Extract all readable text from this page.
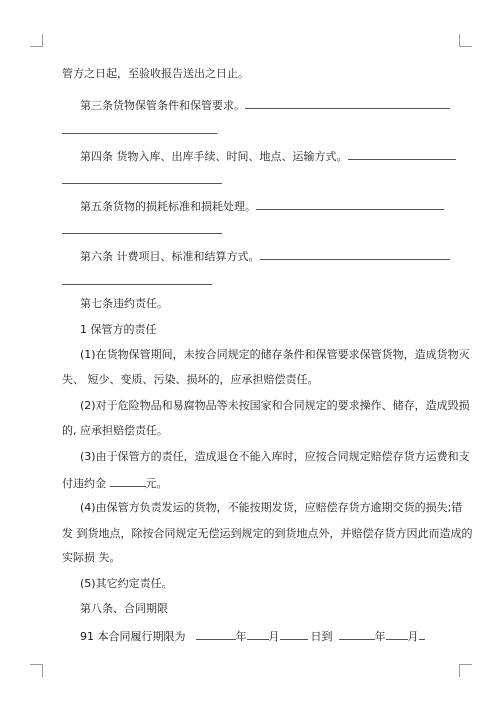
管方之日起，至验收报告送出之日止。
第三条货物保管条件和保管要求。
第四条 货物入库、出库手续、时间、地点、运输方式。
第五条货物的损耗标准和损耗处理。
第六条 计费项目、标准和结算方式。
第七条违约责任。
1 保管方的责任
(1)在货物保管期间，未按合同规定的储存条件和保管要求保管货物，造成货物灭
失、 短少、变质、污染、损坏的，应承担赔偿责任。
(2)对于危险物品和易腐物品等未按国家和合同规定的要求操作、储存，造成毁损
的, 应承担赔偿责任。
(3)由于保管方的责任，造成退仓不能入库时，应按合同规定赔偿存货方运费和支
付违约金	元。
(4)由保管方负责发运的货物，不能按期发货，应赔偿存货方逾期交货的损失;错
发 到货地点，除按合同规定无偿运到规定的到货地点外，并赔偿存货方因此而造成的
实际损 失。
(5)其它约定责任。
第八条、合同期限
91 本合同履行期限为	年 月	日到	年 月
